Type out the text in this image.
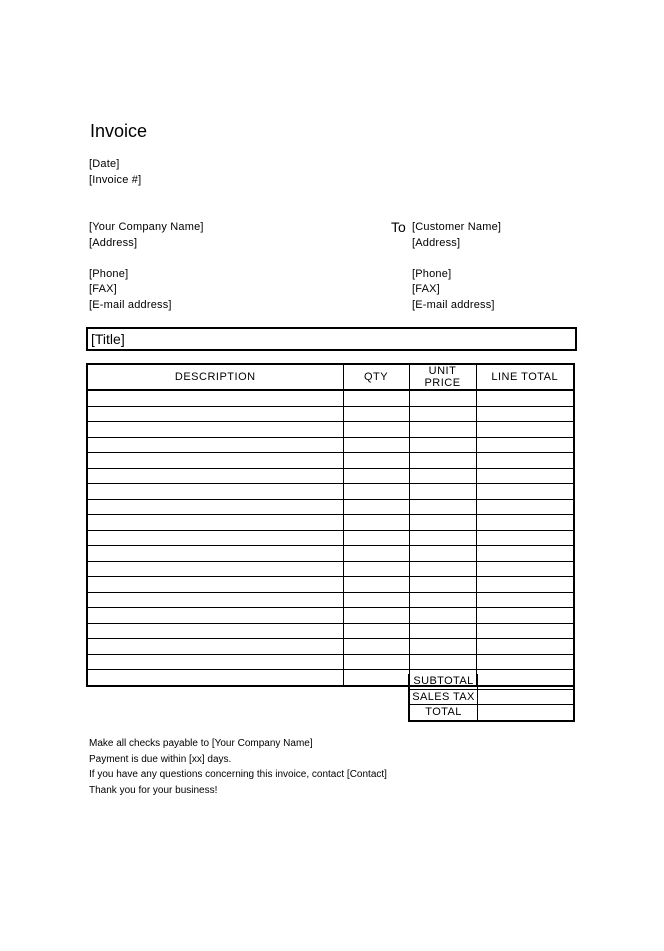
Invoice
[Date]
[Invoice #]
[Your Company Name]
[Address]
[Phone]
[FAX]
[E-mail address]
To [Customer Name]
[Address]
[Phone]
[FAX]
[E-mail address]
[Title]
DESCRIPTION	QTY	UNIT PRICE	LINE TOTAL

SUBTOTAL	
SALES TAX	
TOTAL	
Make all checks payable to [Your Company Name]
Payment is due within [xx] days.
If you have any questions concerning this invoice, contact [Contact]
Thank you for your business!
